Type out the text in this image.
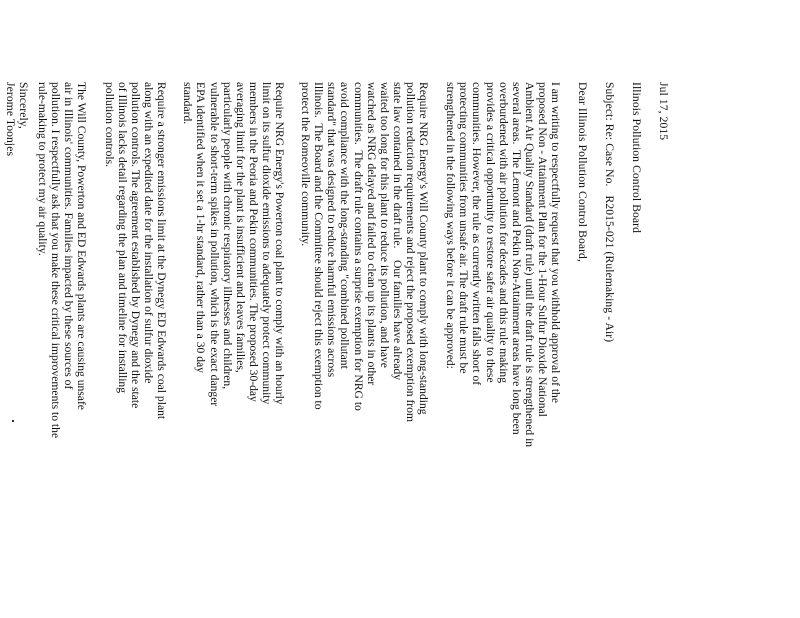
Jul 17, 2015
Illinois Pollution Control Board
Subject: Re: Case No.   R2015-021 (Rulemaking - Air)
Dear Illinois Pollution Control Board,
I am writing to respectfully request that you withhold approval of the
proposed Non - Attainment Plan for the 1-Hour Sulfur Dioxide National
Ambient Air Quality Standard (draft rule) until the draft rule is strengthened in
several areas.  The Lemont and Pekin Non-Attainment areas have long been
overburdened with air pollution for decades and this rule making
provides a critical opportunity to restore safer air quality to these
communities. However, the rule as currently written falls short of
protecting communities from unsafe air. The draft rule must be
strengthened in the following ways before it can be approved:
Require NRG Energy's Will County plant to comply with long-standing
pollution reduction requirements and reject the proposed exemption from
state law contained in the draft rule.    Our families have already
waited too long for this plant to reduce its pollution, and have
watched as NRG delayed and failed to clean up its plants in other
communities.  The draft rule contains a surprise exemption for NRG to
avoid compliance with the long-standing "combined pollutant
standard" that was designed to reduce harmful emissions across
Illinois.  The Board and the Committee should reject this exemption to
protect the Romeoville community.
Require NRG Energy's Powerton coal plant to comply with an hourly
limit on its sulfur dioxide emissions to adequately protect community
members in the Peoria and Pekin communities. The proposed 30-day
averaging limit for the plant is insufficient and leaves families,
particularly people with chronic respiratory illnesses and children,
vulnerable to short-term spikes in pollution, which is the exact danger
EPA identified when it set a 1-hr standard, rather than a 30 day
standard.
Require a stronger emissions limit at the Dynegy ED Edwards coal plant
along with an expedited date for the installation of sulfur dioxide
pollution controls. The agreement established by Dynegy and the state
of Illinois lacks detail regarding the plan and timeline for installing
pollution controls.
The Will County, Powerton and ED Edwards plants are causing unsafe
air in Illinois' communities. Families impacted by these sources of
pollution. I respectfully ask that you make these critical improvements to the
rule-making to protect my air quality.
Sincerely,
Jerome Toonjes
